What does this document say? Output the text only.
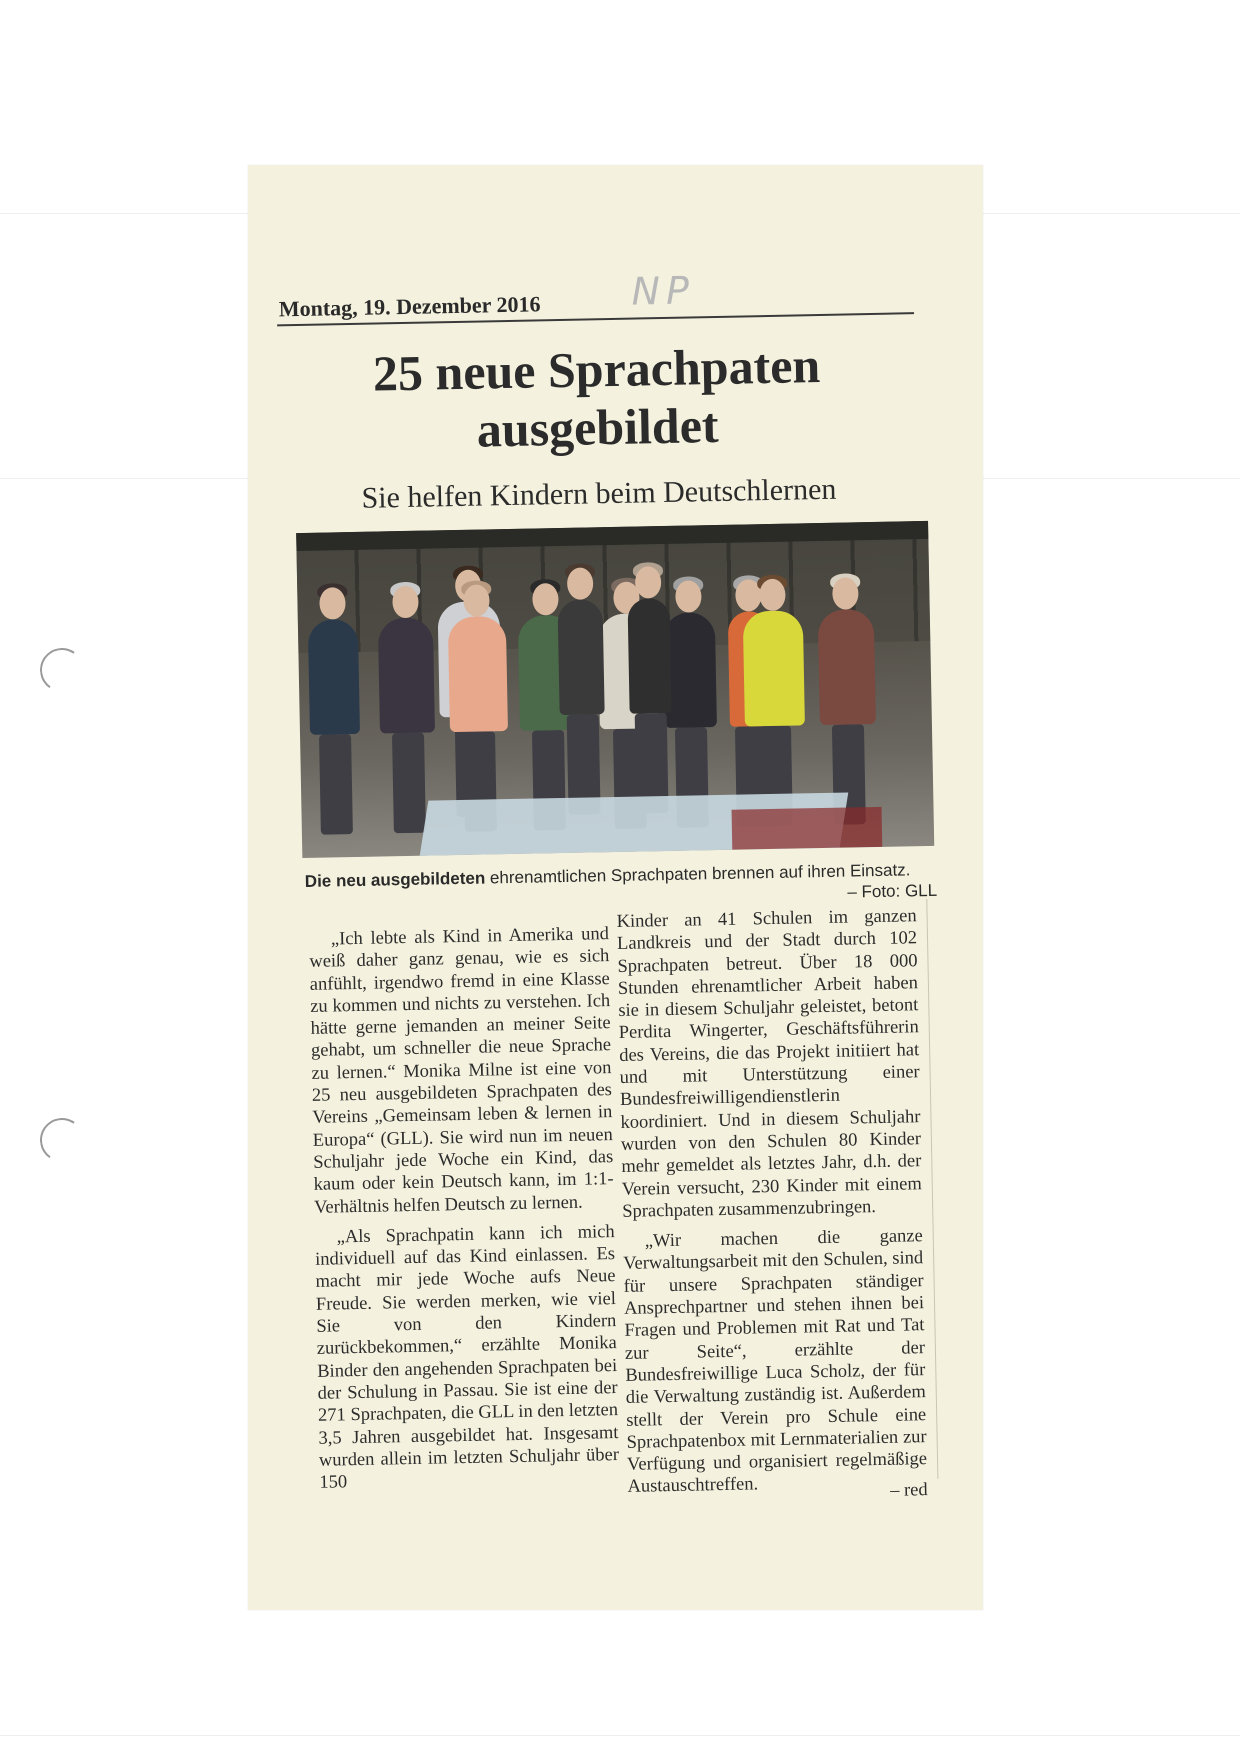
NP
Montag, 19. Dezember 2016
25 neue Sprachpaten
ausgebildet
Sie helfen Kindern beim Deutschlernen
Die neu ausgebildeten ehrenamtlichen Sprachpaten brennen auf ihren Einsatz.
– Foto: GLL

„Ich lebte als Kind in Amerika und weiß daher ganz genau, wie es sich anfühlt, irgendwo fremd in eine Klasse zu kommen und nichts zu verstehen. Ich hätte gerne jemanden an meiner Seite gehabt, um schneller die neue Sprache zu lernen.“ Monika Milne ist eine von 25 neu ausgebildeten Sprachpaten des Vereins „Gemeinsam leben & lernen in Europa“ (GLL). Sie wird nun im neuen Schuljahr jede Woche ein Kind, das kaum oder kein Deutsch kann, im 1:1-Verhältnis helfen Deutsch zu lernen.

„Als Sprachpatin kann ich mich individuell auf das Kind einlassen. Es macht mir jede Woche aufs Neue Freude. Sie werden merken, wie viel Sie von den Kindern zurückbekommen,“ erzählte Monika Binder den angehenden Sprachpaten bei der Schulung in Passau. Sie ist eine der 271 Sprachpaten, die GLL in den letzten 3,5 Jahren ausgebildet hat. Insgesamt wurden allein im letzten Schuljahr über 150

Kinder an 41 Schulen im ganzen Landkreis und der Stadt durch 102 Sprachpaten betreut. Über 18 000 Stunden ehrenamtlicher Arbeit haben sie in diesem Schuljahr geleistet, betont Perdita Wingerter, Geschäftsführerin des Vereins, die das Projekt initiiert hat und mit Unterstützung einer Bundesfreiwilligendienstlerin koordiniert. Und in diesem Schuljahr wurden von den Schulen 80 Kinder mehr gemeldet als letztes Jahr, d.h. der Verein versucht, 230 Kinder mit einem Sprachpaten zusammenzubringen.

„Wir machen die ganze Verwaltungsarbeit mit den Schulen, sind für unsere Sprachpaten ständiger Ansprechpartner und stehen ihnen bei Fragen und Problemen mit Rat und Tat zur Seite“, erzählte der Bundesfreiwillige Luca Scholz, der für die Verwaltung zuständig ist. Außerdem stellt der Verein pro Schule eine Sprachpatenbox mit Lernmaterialien zur Verfügung und organisiert regelmäßige Austauschtreffen.	– red
